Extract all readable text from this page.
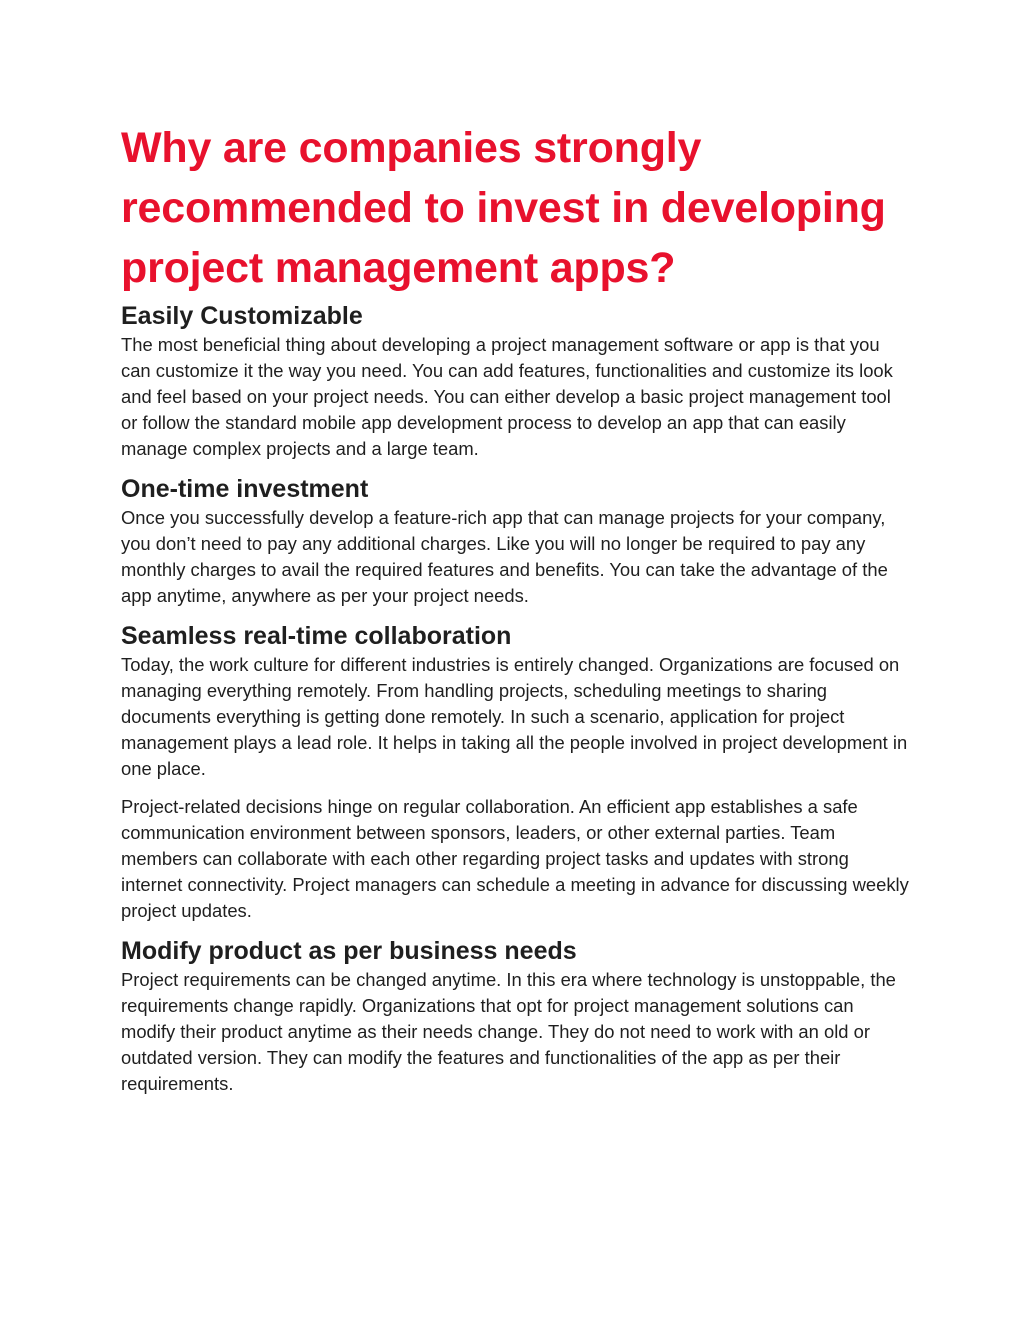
Why are companies strongly recommended to invest in developing project management apps?
Easily Customizable

The most beneficial thing about developing a project management software or app is that you can customize it the way you need. You can add features, functionalities and customize its look and feel based on your project needs. You can either develop a basic project management tool or follow the standard mobile app development process to develop an app that can easily manage complex projects and a large team.

One-time investment

Once you successfully develop a feature-rich app that can manage projects for your company, you don’t need to pay any additional charges. Like you will no longer be required to pay any monthly charges to avail the required features and benefits. You can take the advantage of the app anytime, anywhere as per your project needs.

Seamless real-time collaboration

Today, the work culture for different industries is entirely changed. Organizations are focused on managing everything remotely. From handling projects, scheduling meetings to sharing documents everything is getting done remotely. In such a scenario, application for project management plays a lead role. It helps in taking all the people involved in project development in one place.

Project-related decisions hinge on regular collaboration. An efficient app establishes a safe communication environment between sponsors, leaders, or other external parties. Team members can collaborate with each other regarding project tasks and updates with strong internet connectivity. Project managers can schedule a meeting in advance for discussing weekly project updates.

Modify product as per business needs

Project requirements can be changed anytime. In this era where technology is unstoppable, the requirements change rapidly. Organizations that opt for project management solutions can modify their product anytime as their needs change. They do not need to work with an old or outdated version. They can modify the features and functionalities of the app as per their requirements.
